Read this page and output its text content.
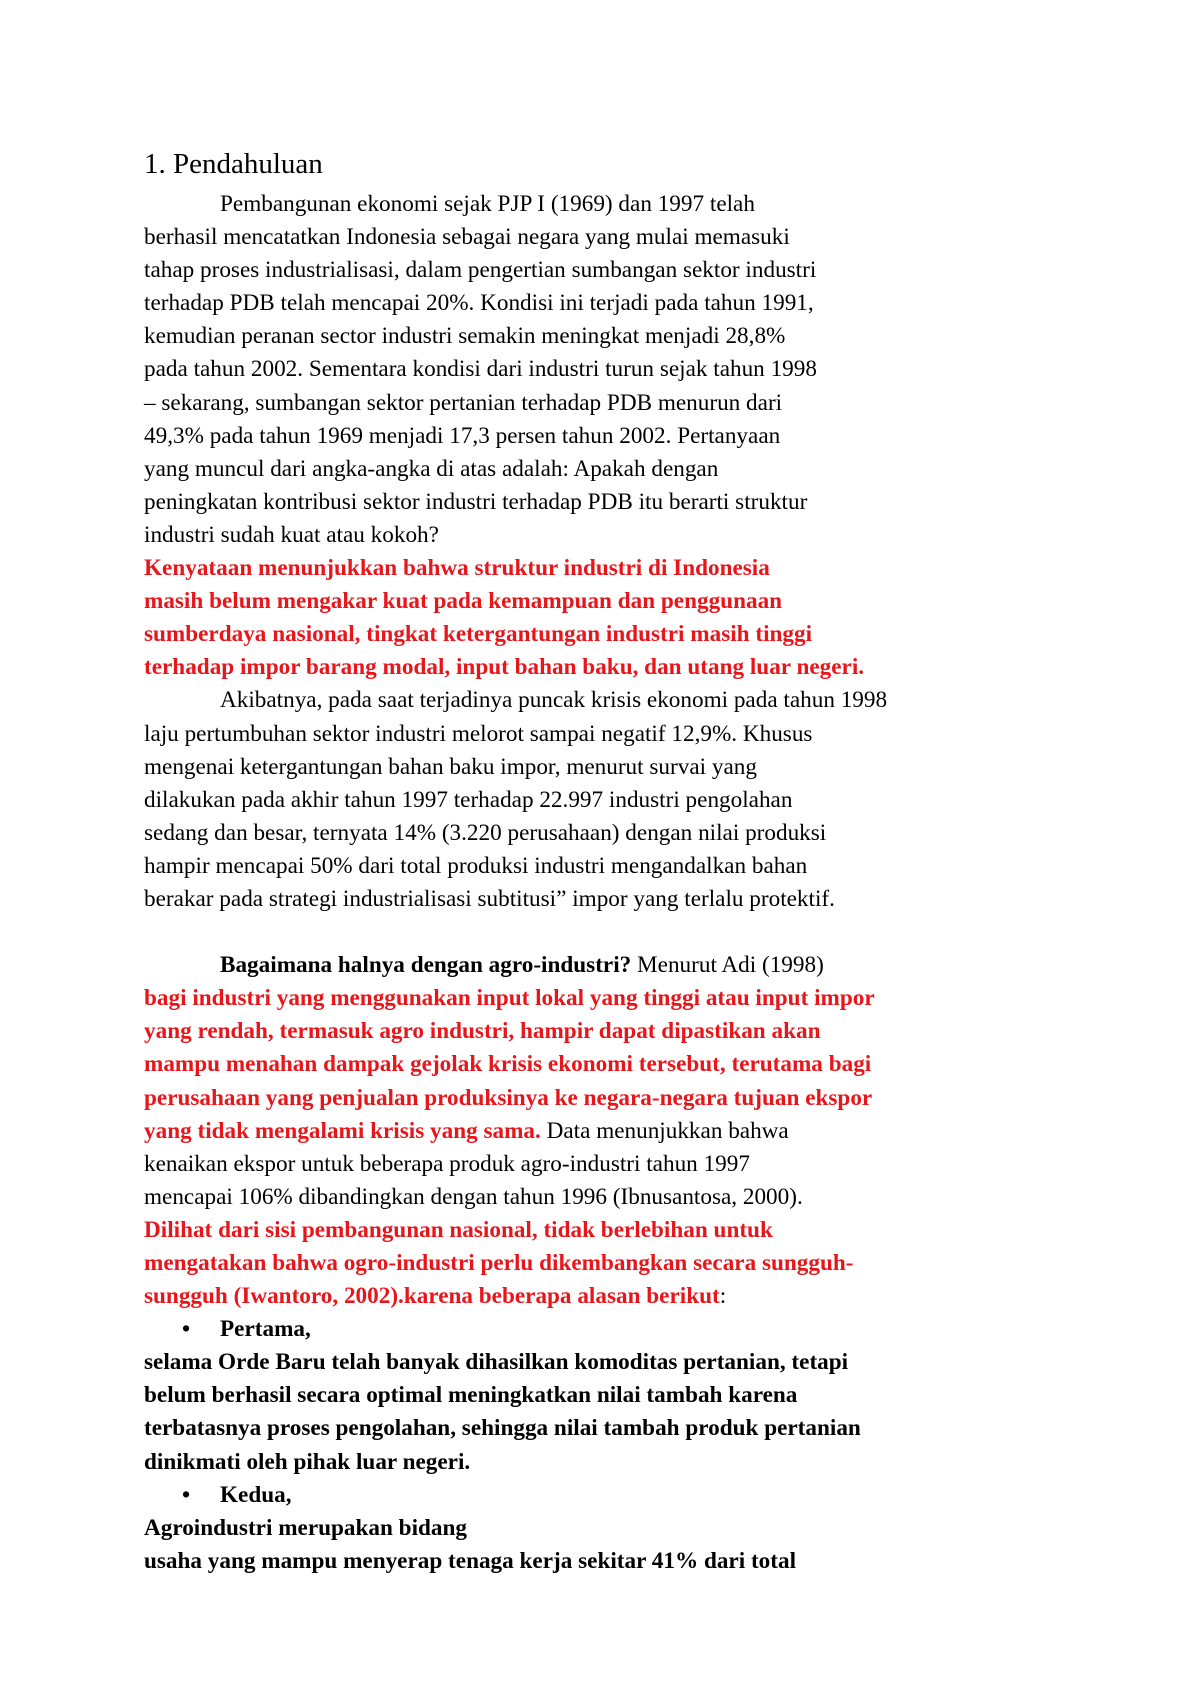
1. Pendahuluan
Pembangunan ekonomi sejak PJP I (1969) dan 1997 telah
berhasil mencatatkan Indonesia sebagai negara yang mulai memasuki
tahap proses industrialisasi, dalam pengertian sumbangan sektor industri
terhadap PDB telah mencapai 20%. Kondisi ini terjadi pada tahun 1991,
kemudian peranan sector industri semakin meningkat menjadi 28,8%
pada tahun 2002. Sementara kondisi dari industri turun sejak tahun 1998
– sekarang, sumbangan sektor pertanian terhadap PDB menurun dari
49,3% pada tahun 1969 menjadi 17,3 persen tahun 2002. Pertanyaan
yang muncul dari angka-angka di atas adalah: Apakah dengan
peningkatan kontribusi sektor industri terhadap PDB itu berarti struktur
industri sudah kuat atau kokoh?
Kenyataan menunjukkan bahwa struktur industri di Indonesia
masih belum mengakar kuat pada kemampuan dan penggunaan
sumberdaya nasional, tingkat ketergantungan industri masih tinggi
terhadap impor barang modal, input bahan baku, dan utang luar negeri.
Akibatnya, pada saat terjadinya puncak krisis ekonomi pada tahun 1998
laju pertumbuhan sektor industri melorot sampai negatif 12,9%. Khusus
mengenai ketergantungan bahan baku impor, menurut survai yang
dilakukan pada akhir tahun 1997 terhadap 22.997 industri pengolahan
sedang dan besar, ternyata 14% (3.220 perusahaan) dengan nilai produksi
hampir mencapai 50% dari total produksi industri mengandalkan bahan
berakar pada strategi industrialisasi subtitusi” impor yang terlalu protektif.
Bagaimana halnya dengan agro-industri? Menurut Adi (1998)
bagi industri yang menggunakan input lokal yang tinggi atau input impor
yang rendah, termasuk agro industri, hampir dapat dipastikan akan
mampu menahan dampak gejolak krisis ekonomi tersebut, terutama bagi
perusahaan yang penjualan produksinya ke negara-negara tujuan ekspor
yang tidak mengalami krisis yang sama. Data menunjukkan bahwa
kenaikan ekspor untuk beberapa produk agro-industri tahun 1997
mencapai 106% dibandingkan dengan tahun 1996 (Ibnusantosa, 2000).
Dilihat dari sisi pembangunan nasional, tidak berlebihan untuk
mengatakan bahwa ogro-industri perlu dikembangkan secara sungguh-
sungguh (Iwantoro, 2002).karena beberapa alasan berikut:
• Pertama,
selama Orde Baru telah banyak dihasilkan komoditas pertanian, tetapi
belum berhasil secara optimal meningkatkan nilai tambah karena
terbatasnya proses pengolahan, sehingga nilai tambah produk pertanian
dinikmati oleh pihak luar negeri.
• Kedua,
Agroindustri merupakan bidang
usaha yang mampu menyerap tenaga kerja sekitar 41% dari total
